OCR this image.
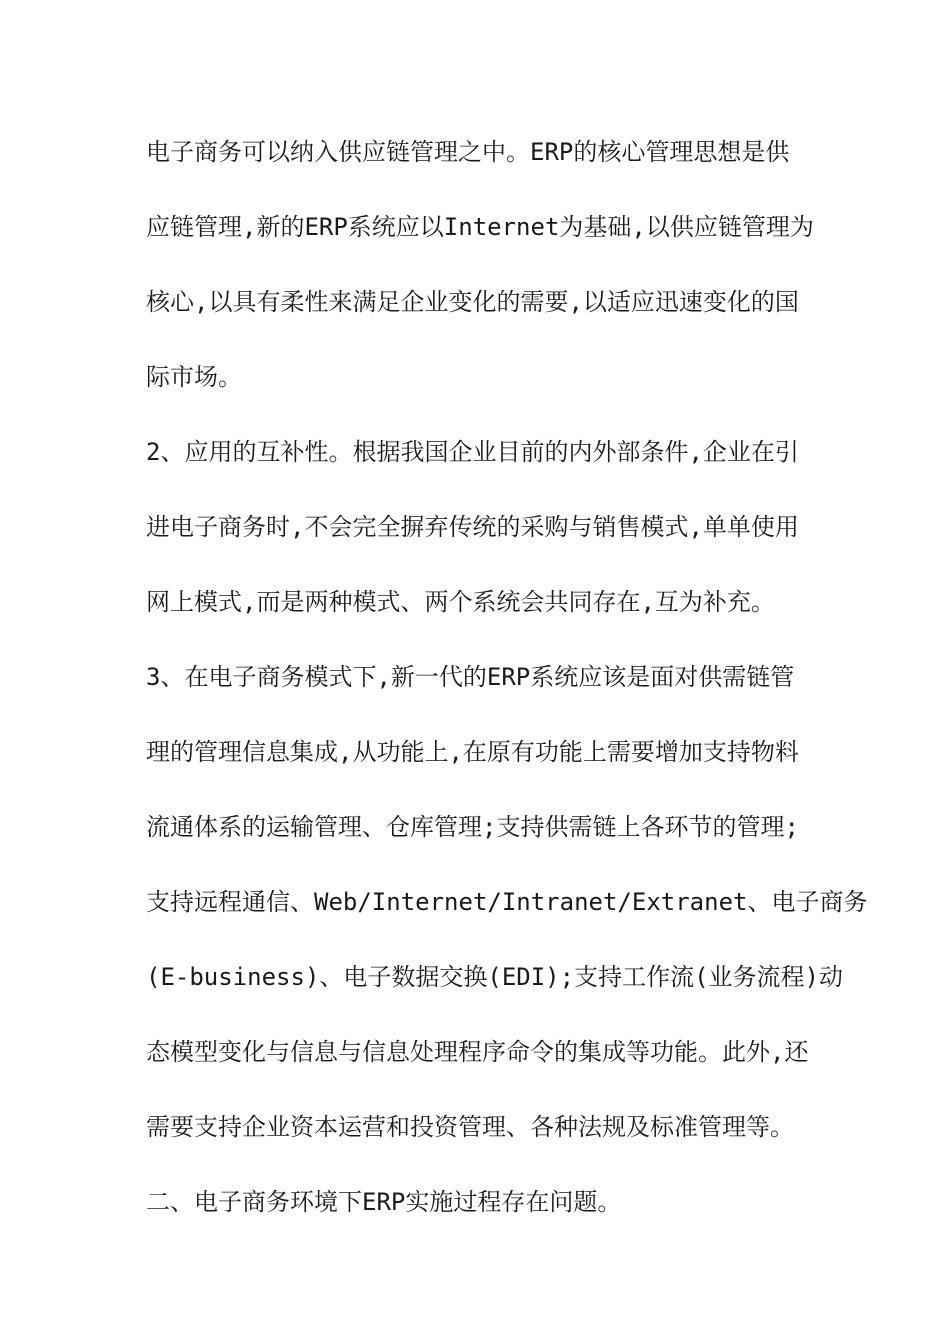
电子商务可以纳入供应链管理之中。ERP的核心管理思想是供

应链管理,新的ERP系统应以Internet为基础,以供应链管理为

核心,以具有柔性来满足企业变化的需要,以适应迅速变化的国

际市场。

2、应用的互补性。根据我国企业目前的内外部条件,企业在引

进电子商务时,不会完全摒弃传统的采购与销售模式,单单使用

网上模式,而是两种模式、两个系统会共同存在,互为补充。

3、在电子商务模式下,新一代的ERP系统应该是面对供需链管

理的管理信息集成,从功能上,在原有功能上需要增加支持物料

流通体系的运输管理、仓库管理;支持供需链上各环节的管理;

支持远程通信、Web/Internet/Intranet/Extranet、电子商务

(E-business)、电子数据交换(EDI);支持工作流(业务流程)动

态模型变化与信息与信息处理程序命令的集成等功能。此外,还

需要支持企业资本运营和投资管理、各种法规及标准管理等。

二、电子商务环境下ERP实施过程存在问题。
